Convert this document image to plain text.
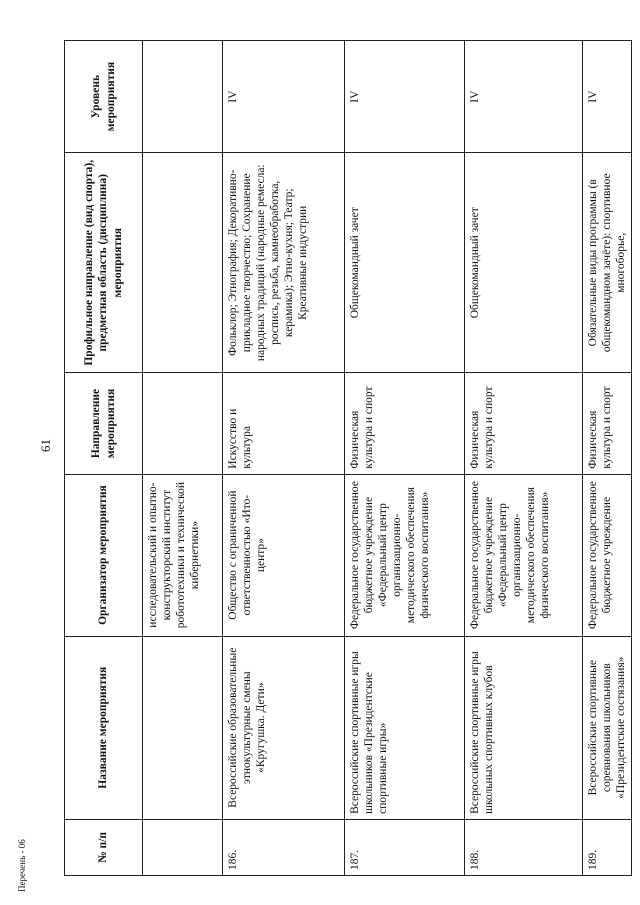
61
Перечень - 06	№ п/п	Название мероприятия	Организатор мероприятия	Направление мероприятия	Профильное направление (вид спорта), предметная область (дисциплина) мероприятия	Уровень мероприятия
		исследовательский и опытно-конструкторский институт робототехники и технической кибернетики»			
186.	Всероссийские образовательные этнокультурные смены «Кругушка. Дети»	Общество с ограниченной ответственностью «Ито-центр»	Искусство и культура	Фольклор; Этнография; Декоративно-прикладное творчество; Сохранение народных традиций (народные ремесла: роспись, резьба, камнеобработка, керамика); Этно-кухня; Театр; Креативные индустрии	IV
187.	Всероссийские спортивные игры школьников «Президентские спортивные игры»	Федеральное государственное бюджетное учреждение «Федеральный центр организационно-методического обеспечения физического воспитания»	Физическая культура и спорт	Общекомандный зачет	IV
188.	Всероссийские спортивные игры школьных спортивных клубов	Федеральное государственное бюджетное учреждение «Федеральный центр организационно-методического обеспечения физического воспитания»	Физическая культура и спорт	Общекомандный зачет	IV
189.	Всероссийские спортивные соревнования школьников «Президентские состязания»	Федеральное государственное бюджетное учреждение	Физическая культура и спорт	Обязательные виды программы (в общекомандном зачёте): спортивное многоборье,	IV
